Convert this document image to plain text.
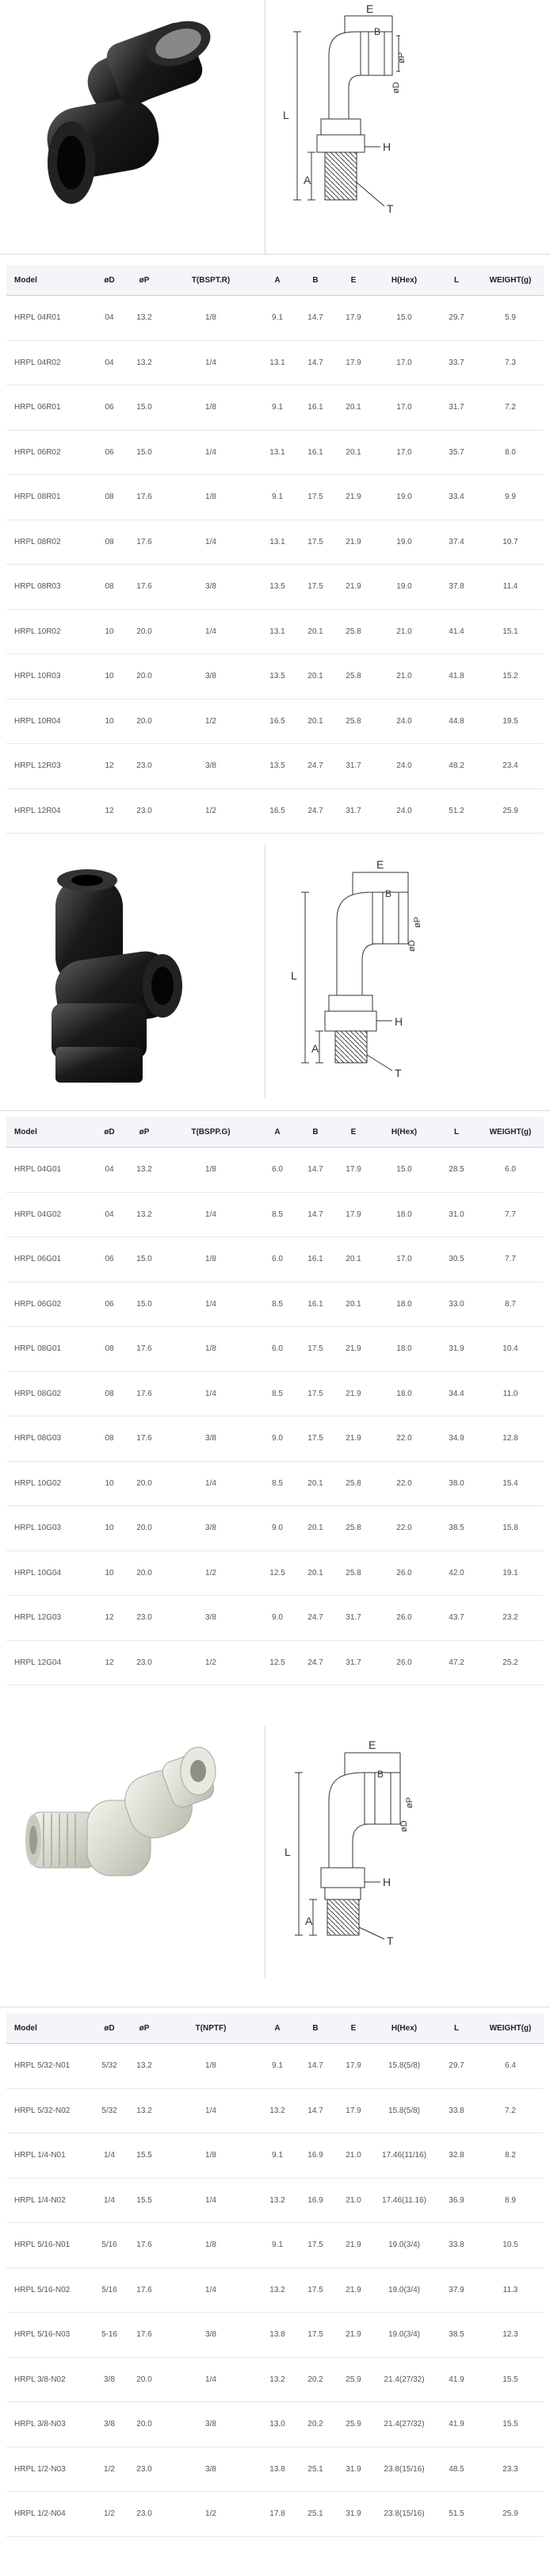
E
B
L
A
H
T
øD
øP
Model	øD	øP	T(BSPT.R)	A	B	E	H(Hex)	L	WEIGHT(g)
HRPL 04R01	04	13.2	1/8	9.1	14.7	17.9	15.0	29.7	5.9
HRPL 04R02	04	13.2	1/4	13.1	14.7	17.9	17.0	33.7	7.3
HRPL 06R01	06	15.0	1/8	9.1	16.1	20.1	17.0	31.7	7.2
HRPL 06R02	06	15.0	1/4	13.1	16.1	20.1	17.0	35.7	8.0
HRPL 08R01	08	17.6	1/8	9.1	17.5	21.9	19.0	33.4	9.9
HRPL 08R02	08	17.6	1/4	13.1	17.5	21.9	19.0	37.4	10.7
HRPL 08R03	08	17.6	3/8	13.5	17.5	21.9	19.0	37.8	11.4
HRPL 10R02	10	20.0	1/4	13.1	20.1	25.8	21.0	41.4	15.1
HRPL 10R03	10	20.0	3/8	13.5	20.1	25.8	21.0	41.8	15.2
HRPL 10R04	10	20.0	1/2	16.5	20.1	25.8	24.0	44.8	19.5
HRPL 12R03	12	23.0	3/8	13.5	24.7	31.7	24.0	48.2	23.4
HRPL 12R04	12	23.0	1/2	16.5	24.7	31.7	24.0	51.2	25.9
E
B
L
A
H
T
øD
øP
Model	øD	øP	T(BSPP.G)	A	B	E	H(Hex)	L	WEIGHT(g)
HRPL 04G01	04	13.2	1/8	6.0	14.7	17.9	15.0	28.5	6.0
HRPL 04G02	04	13.2	1/4	8.5	14.7	17.9	18.0	31.0	7.7
HRPL 06G01	06	15.0	1/8	6.0	16.1	20.1	17.0	30.5	7.7
HRPL 06G02	06	15.0	1/4	8.5	16.1	20.1	18.0	33.0	8.7
HRPL 08G01	08	17.6	1/8	6.0	17.5	21.9	18.0	31.9	10.4
HRPL 08G02	08	17.6	1/4	8.5	17.5	21.9	18.0	34.4	11.0
HRPL 08G03	08	17.6	3/8	9.0	17.5	21.9	22.0	34.9	12.8
HRPL 10G02	10	20.0	1/4	8.5	20.1	25.8	22.0	38.0	15.4
HRPL 10G03	10	20.0	3/8	9.0	20.1	25.8	22.0	38.5	15.8
HRPL 10G04	10	20.0	1/2	12.5	20.1	25.8	26.0	42.0	19.1
HRPL 12G03	12	23.0	3/8	9.0	24.7	31.7	26.0	43.7	23.2
HRPL 12G04	12	23.0	1/2	12.5	24.7	31.7	26.0	47.2	25.2
E
B
L
A
H
T
øD
øP
Model	øD	øP	T(NPTF)	A	B	E	H(Hex)	L	WEIGHT(g)
HRPL 5/32-N01	5/32	13.2	1/8	9.1	14.7	17.9	15.8(5/8)	29.7	6.4
HRPL 5/32-N02	5/32	13.2	1/4	13.2	14.7	17.9	15.8(5/8)	33.8	7.2
HRPL 1/4-N01	1/4	15.5	1/8	9.1	16.9	21.0	17.46(11/16)	32.8	8.2
HRPL 1/4-N02	1/4	15.5	1/4	13.2	16.9	21.0	17.46(11.16)	36.9	8.9
HRPL 5/16-N01	5/16	17.6	1/8	9.1	17.5	21.9	19.0(3/4)	33.8	10.5
HRPL 5/16-N02	5/16	17.6	1/4	13.2	17.5	21.9	19.0(3/4)	37.9	11.3
HRPL 5/16-N03	5-16	17.6	3/8	13.8	17.5	21.9	19.0(3/4)	38.5	12.3
HRPL 3/8-N02	3/8	20.0	1/4	13.2	20.2	25.9	21.4(27/32)	41.9	15.5
HRPL 3/8-N03	3/8	20.0	3/8	13.0	20.2	25.9	21.4(27/32)	41.9	15.5
HRPL 1/2-N03	1/2	23.0	3/8	13.8	25.1	31.9	23.8(15/16)	48.5	23.3
HRPL 1/2-N04	1/2	23.0	1/2	17.8	25.1	31.9	23.8(15/16)	51.5	25.9
